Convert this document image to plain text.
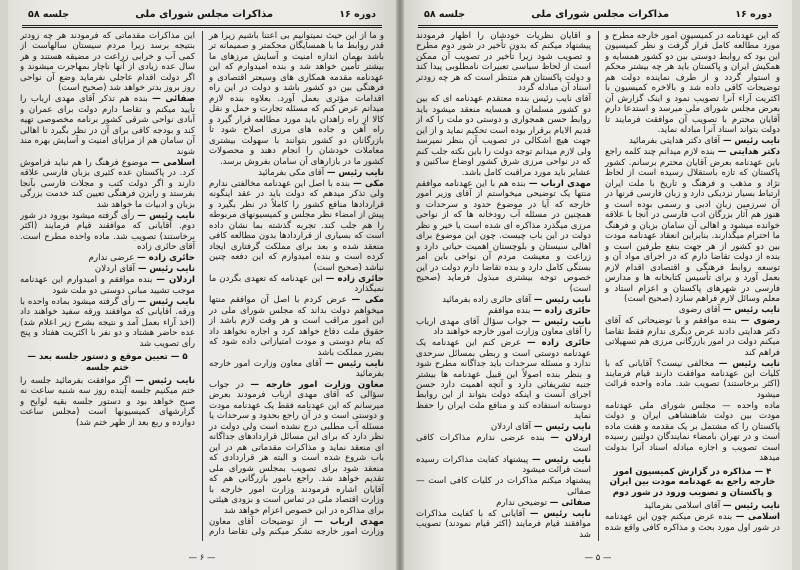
دوره ۱۶
مذاکرات مجلس شورای ملی
جلسه ۵۸

و ما از این حیث نمیتوانیم بی اعتنا باشیم زیرا هر قدر روابط ما با همسایگان محکمتر و صمیمانه تر باشد بهمان اندازه امنیت و آسایش مرزهای ما بیشتر تأمین خواهد شد و بنده امیدوارم که این عهدنامه مقدمه همکاری های وسیعتر اقتصادی و فرهنگی بین دو کشور باشد و دولت در این راه اقدامات مؤثری بعمل آورد. بعلاوه بنده لازم میدانم عرض کنم که مسئله تجارت و حمل و نقل کالا از راه زاهدان باید مورد مطالعه قرار گیرد و راه آهن و جاده های مرزی اصلاح شود تا بازرگانان دو کشور بتوانند با سهولت بیشتری معاملات خودشان را انجام دهند و محصولات کشور ما در بازارهای آن سامان بفروش برسد.

نایب رئیس — آقای مکی بفرمائید

مکی — بنده با اصل این عهدنامه مخالفتی ندارم ولی تذکر میدهم که دولت باید در عقد اینگونه قراردادها منافع کشور را کاملاً در نظر بگیرد و پیش از امضاء نظر مجلس و کمیسیونهای مربوطه را هم جلب کند. تجربه گذشته بما نشان داده است که بسیاری از قراردادها بدون مطالعه کافی منعقد شده و بعد برای مملکت گرفتاری ایجاد کرده است و بنده امیدوارم که این دفعه چنین نباشد (صحیح است)

حائری زاده — این عهدنامه که تعهدی بگردن ما نمیگذارد

مکی — عرض کردم با اصل آن موافقم منتها میخواهم دولت بداند که مجلس شورای ملی در این امور مراقب است و هر وقت لازم باشد از حقوق ملت دفاع خواهد کرد و اجازه نخواهد داد که بنام دوستی و مودت امتیازاتی داده شود که بضرر مملکت باشد

نایب رئیس — آقای معاون وزارت امور خارجه بفرمائید

معاون وزارت امور خارجه — در جواب سؤالی که آقای مهدی ارباب فرمودند بعرض میرسانم که این عهدنامه فقط یک عهدنامه مودت و دوستی است و در آن راجع بحدود و سرحدات یا مسئله آب مطلبی درج نشده است ولی دولت در نظر دارد که برای این مسائل قراردادهای جداگانه ای منعقد نماید و مذاکرات مقدماتی هم در این باب شروع شده است و البته هر قراردادی که منعقد شود برای تصویب بمجلس شورای ملی تقدیم خواهد شد. راجع بامور بازرگانی هم که آقایان اشاره فرمودند وزارت امور خارجه با وزارت اقتصاد ملی در تماس است و بزودی هیئتی برای مذاکره در این خصوص اعزام خواهد شد

مهدی ارباب — از توضیحات آقای معاون وزارت امور خارجه تشکر میکنم ولی تقاضا دارم این مذاکرات مقدماتی که فرمودند هر چه زودتر بنتیجه برسد زیرا مردم سیستان سالهاست از کمی آب و خرابی زراعت در مضیقه هستند و هر سال عده زیادی از آنها ناچار بمهاجرت میشوند و اگر دولت اقدام عاجلی نفرماید وضع آن نواحی روز بروز بدتر خواهد شد (صحیح است)

صفائی — بنده هم تذکر آقای مهدی ارباب را تأیید میکنم و تقاضا دارم دولت برای عمران و آبادی نواحی شرقی کشور برنامه مخصوصی تهیه کند و بودجه کافی برای آن در نظر بگیرد تا اهالی آن سامان هم از مزایای امنیت و آسایش بهره مند شوند

اسلامی — موضوع فرهنگ را هم نباید فراموش کرد. در پاکستان عده کثیری بزبان فارسی علاقه دارند و اگر دولت کتب و مجلات فارسی بآنجا بفرستد و رایزن فرهنگی تعیین کند خدمت بزرگی بزبان و ادبیات ما خواهد شد

نایب رئیس — رأی گرفته میشود بورود در شور دوم. آقایانی که موافقند قیام فرمایند (اکثر برخاستند) تصویب شد. ماده واحده مطرح است. آقای حائری زاده

حائری زاده — عرضی ندارم

نایب رئیس — آقای اردلان

اردلان — بنده موافقم و امیدوارم این عهدنامه موجب تشیید مبانی دوستی دو ملت شود

نایب رئیس — رأی گرفته میشود بماده واحده با ورقه. آقایانی که موافقند ورقه سفید خواهند داد (اخذ آراء بعمل آمد و نتیجه بشرح زیر اعلام شد) عده حاضر هشتاد و دو نفر با اکثریت هفتاد و پنج رأی تصویب شد

۵ — تعیین موقع و دستور جلسه بعد — ختم جلسه

نایب رئیس — اگر موافقت بفرمائید جلسه را ختم میکنیم جلسه آینده روز سه شنبه ساعت نه صبح خواهد بود و دستور جلسه بقیه لوایح و گزارشهای کمیسیونها است (مجلس ساعت دوازده و ربع بعد از ظهر ختم شد)

— ۶ —
دوره ۱۶
مذاکرات مجلس شورای ملی
جلسه ۵۸

که این عهدنامه در کمیسیون امور خارجه مطرح و مورد مطالعه کامل قرار گرفت و نظر کمیسیون این بود که روابط دوستی بین دو کشور همسایه و همکیش ایران و پاکستان باید هر چه بیشتر محکم و استوار گردد و از طرف نماینده دولت هم توضیحات کافی داده شد و بالاخره کمیسیون با اکثریت آراء آنرا تصویب نمود و اینک گزارش آن بعرض مجلس شورای ملی میرسد و استدعا دارم آقایان محترم با تصویب آن موافقت فرمایند تا دولت بتواند اسناد آنرا مبادله نماید.

نایب رئیس — آقای دکتر هدایتی بفرمائید

دکتر هدایتی — بنده لازم میدانم چند کلمه راجع باین عهدنامه بعرض آقایان محترم برسانم. کشور پاکستان که تازه باستقلال رسیده است از لحاظ نژاد و مذهب و فرهنگ و تاریخ با ملت ایران ارتباط بسیار نزدیکی دارد و زبان فارسی قرنها در آن سرزمین زبان ادبی و رسمی بوده است و هنوز هم آثار بزرگان ادب فارسی در آنجا با علاقه خوانده میشود و اهالی آن سامان بزبان و فرهنگ ما احترام میگذارند. بنابراین انعقاد عهدنامه مودت بین دو کشور از هر جهت بنفع طرفین است و بنده از دولت تقاضا دارم که در اجرای مواد آن و توسعه روابط فرهنگی و اقتصادی اقدام لازم بعمل آورد و برای تأسیس کتابخانه ها و مدارس فارسی در شهرهای پاکستان و اعزام استاد و معلم وسائل لازم فراهم سازد (صحیح است)

نایب رئیس — آقای رضوی

رضوی — بنده موافقم و با توضیحاتی که آقای دکتر هدایتی دادند عرض دیگری ندارم فقط تقاضا میکنم دولت در امور بازرگانی مرزی هم تسهیلاتی فراهم کند

نایب رئیس — مخالفی نیست؟ آقایانی که با کلیات این عهدنامه موافقت دارند قیام فرمایند (اکثر برخاستند) تصویب شد. ماده واحده قرائت میشود

ماده واحده — مجلس شورای ملی عهدنامه مودت بین دولت شاهنشاهی ایران و دولت پاکستان را که مشتمل بر یک مقدمه و هفت ماده است و در تهران بامضاء نمایندگان دولتین رسیده است تصویب و اجازه مبادله اسناد آنرا بدولت میدهد

۴ — مذاکره در گزارش کمیسیون امور خارجه راجع به عهدنامه مودت بین ایران و پاکستان و تصویب ورود در شور دوم

نایب رئیس — آقای اسلامی بفرمائید

اسلامی — بنده عرض میکنم چون این عهدنامه در شور اول مورد بحث و مذاکره کافی واقع شده و آقایان نظریات خودشان را اظهار فرمودند پیشنهاد میکنم که بدون تأخیر در شور دوم مطرح و تصویب شود زیرا تأخیر در تصویب آن ممکن است از لحاظ سیاسی تعبیرات نامطلوبی پیدا کند و دولت پاکستان هم منتظر است که هر چه زودتر اسناد آن مبادله گردد

آقای نایب رئیس بنده معتقدم عهدنامه ای که بین دو کشور مسلمان و همسایه منعقد میشود باید روابط حسن همجواری و دوستی دو ملت را که از قدیم الایام برقرار بوده است تحکیم نماید و از این جهت هیچ اشکالی در تصویب آن بنظر نمیرسد ولی لازم میدانم توجه دولت را باین نکته جلب کنم که در نواحی مرزی شرق کشور اوضاع ساکنین و عشایر باید مورد مراقبت کامل باشد.

مهدی ارباب — بنده هم با این عهدنامه موافقم منتها یک توضیحی میخواستم از آقای وزیر امور خارجه که آیا در موضوع حدود و سرحدات و همچنین در مسئله آب رودخانه ها که از نواحی مرزی میگذرد مذاکره ای شده است یا خیر و نظر دولت در این باب چیست. چون این موضوع برای اهالی سیستان و بلوچستان اهمیت حیاتی دارد و زراعت و معیشت مردم آن نواحی باین امر بستگی کامل دارد و بنده تقاضا دارم دولت در این خصوص توجه بیشتری مبذول فرماید (صحیح است)

نایب رئیس — آقای حائری زاده بفرمائید

حائری زاده — بنده موافقم

نایب رئیس — جواب سؤال آقای مهدی ارباب را آقای معاون وزارت امور خارجه خواهند داد

حائری زاده — عرض کنم این عهدنامه یک عهدنامه دوستی است و ربطی بمسائل سرحدی ندارد و مسئله سرحدات باید جداگانه مطرح شود و بنظر بنده اصولاً این قبیل عهدنامه ها بیشتر جنبه تشریفاتی دارد و آنچه اهمیت دارد حسن اجرای آنست و اینکه دولت بتواند از این روابط دوستانه استفاده کند و منافع ملت ایران را حفظ نماید

نایب رئیس — آقای اردلان

اردلان — بنده عرضی ندارم مذاکرات کافی است

نایب رئیس — پیشنهاد کفایت مذاکرات رسیده است قرائت میشود

پیشنهاد میکنم مذاکرات در کلیات کافی است — صفائی

صفائی — توضیحی ندارم

نایب رئیس — آقایانی که با کفایت مذاکرات موافقند قیام فرمایند (اکثر قیام نمودند) تصویب شد

— ۵ —
